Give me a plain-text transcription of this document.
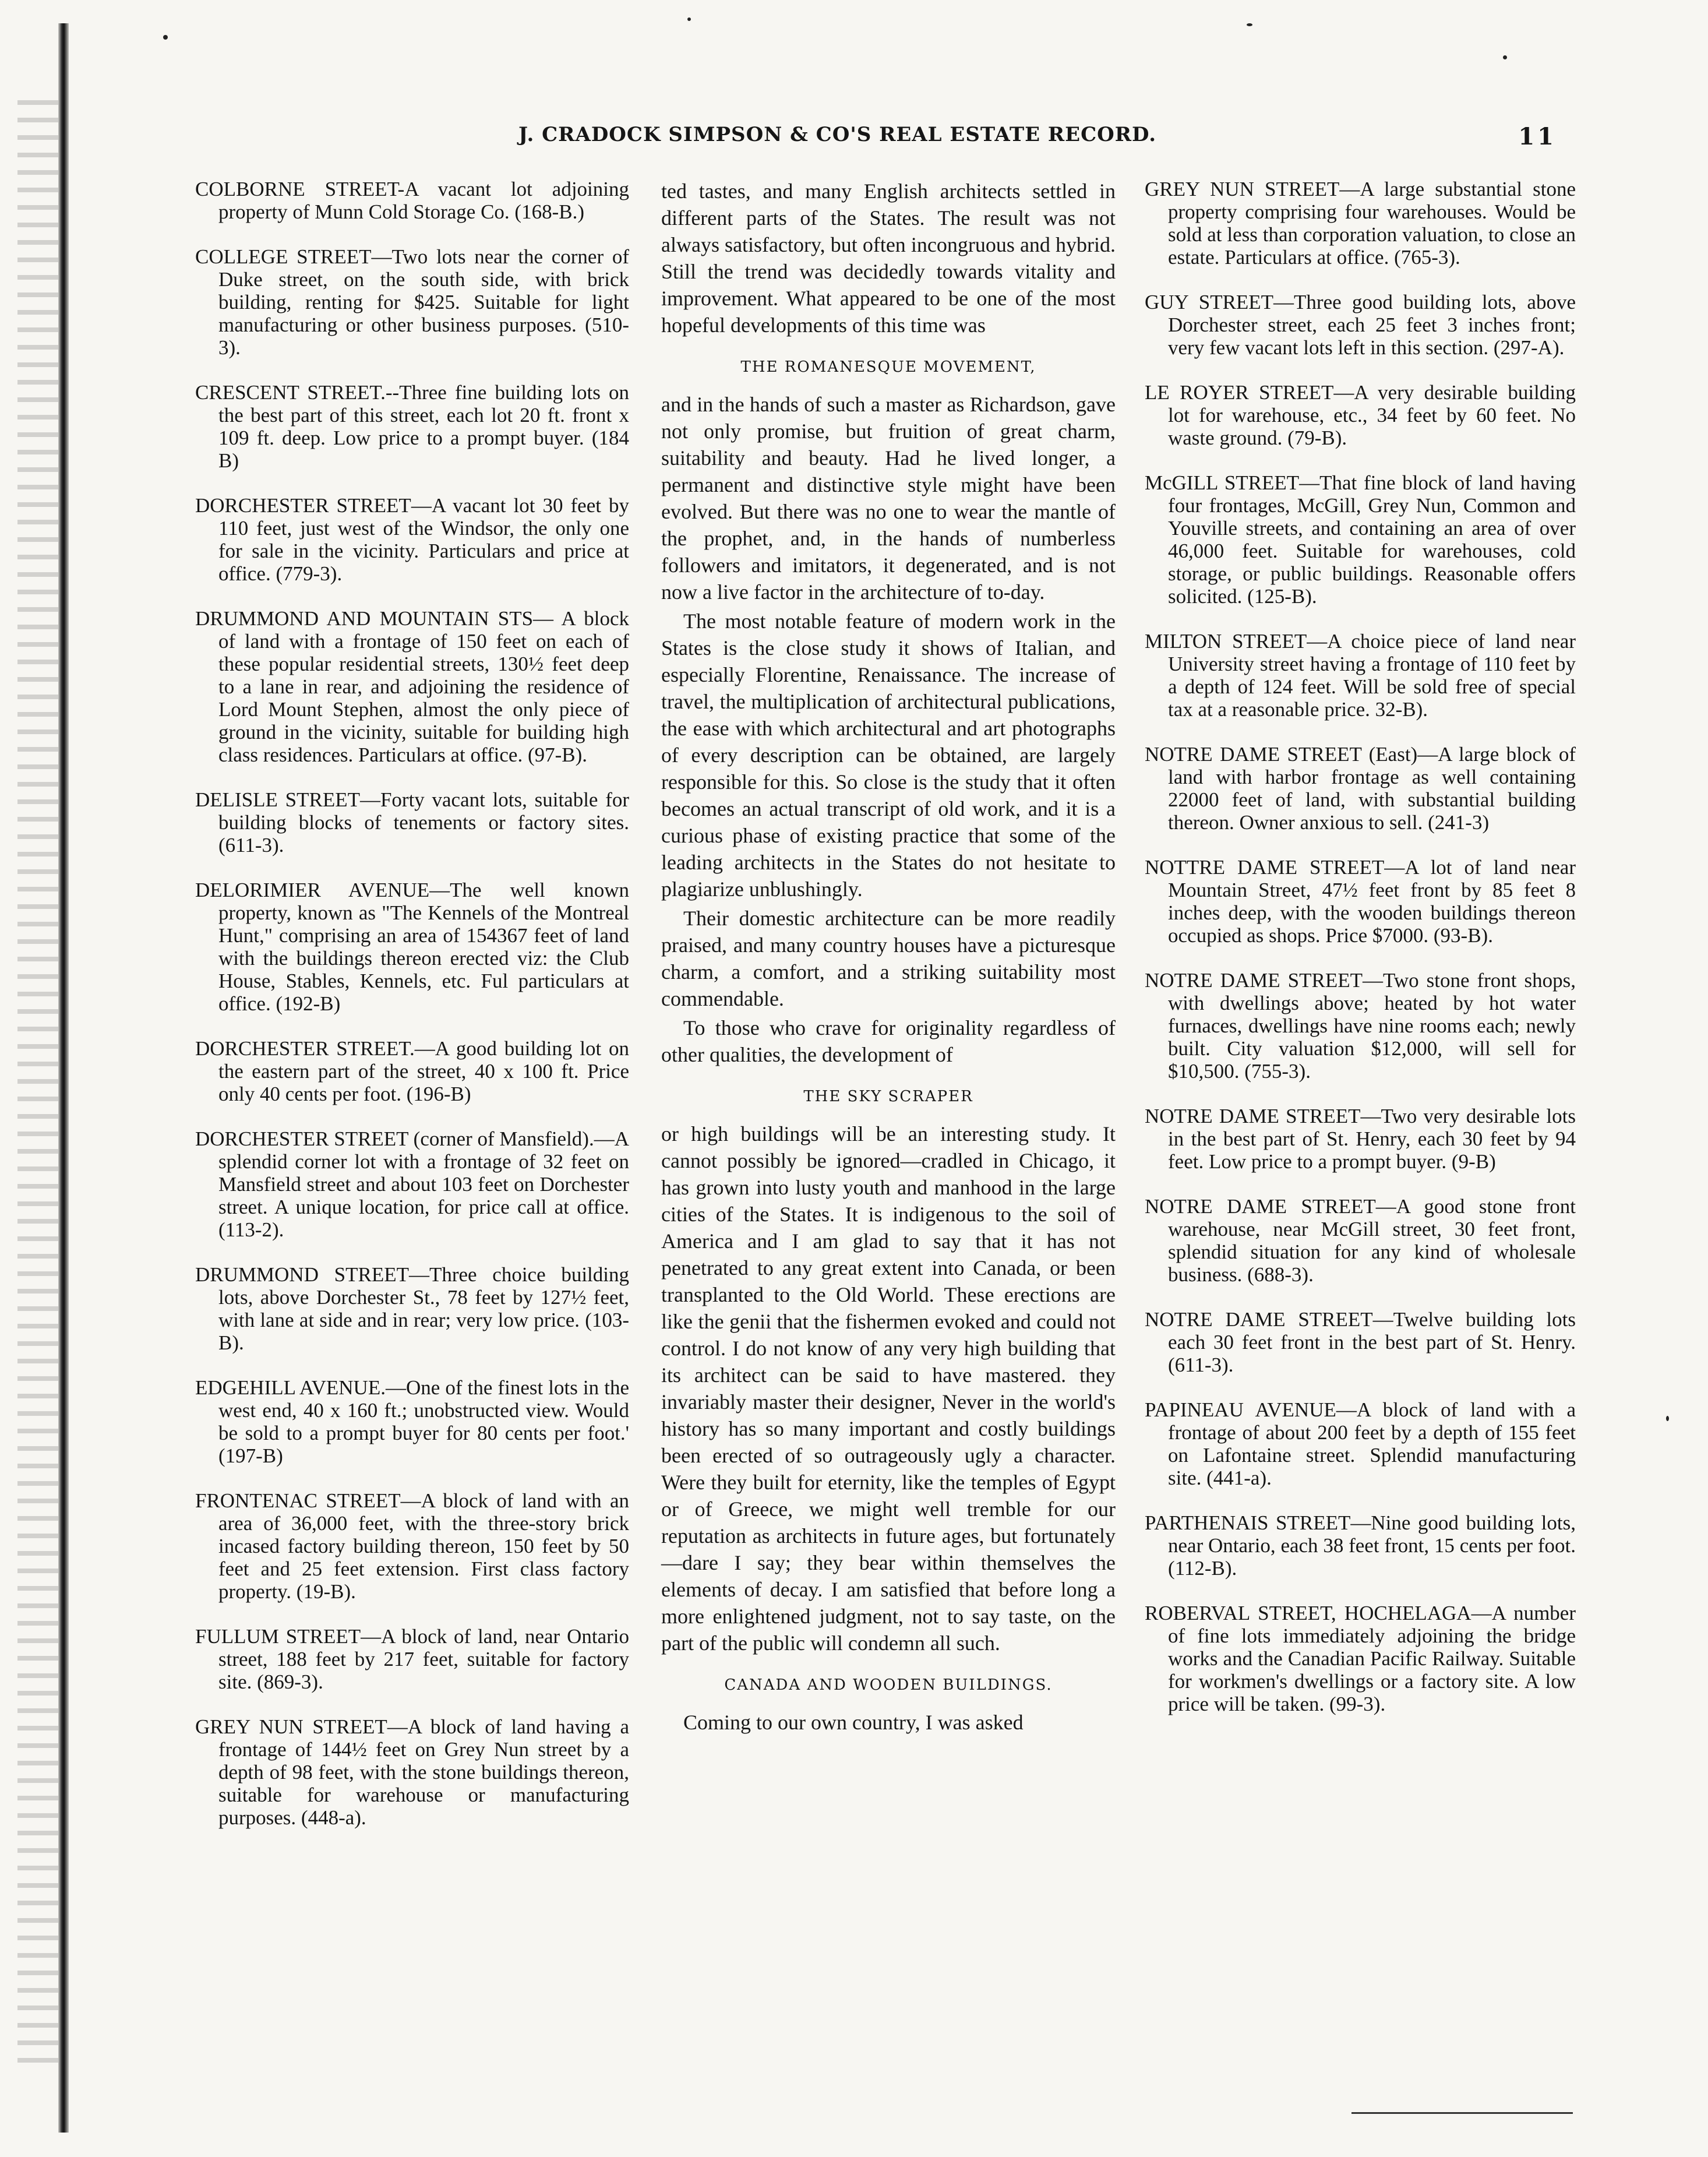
J. CRADOCK SIMPSON & CO'S REAL ESTATE RECORD.	11
COLBORNE STREET-A vacant lot adjoining property of Munn Cold Storage Co. (168-B.)
COLLEGE STREET—Two lots near the corner of Duke street, on the south side, with brick building, renting for $425. Suitable for light manufacturing or other business purposes. (510-3).
CRESCENT STREET.--Three fine building lots on the best part of this street, each lot 20 ft. front x 109 ft. deep. Low price to a prompt buyer. (184 B)
DORCHESTER STREET—A vacant lot 30 feet by 110 feet, just west of the Windsor, the only one for sale in the vicinity. Particulars and price at office. (779-3).
DRUMMOND AND MOUNTAIN STS— A block of land with a frontage of 150 feet on each of these popular residential streets, 130½ feet deep to a lane in rear, and adjoining the residence of Lord Mount Stephen, almost the only piece of ground in the vicinity, suitable for building high class residences. Particulars at office. (97-B).
DELISLE STREET—Forty vacant lots, suitable for building blocks of tenements or factory sites. (611-3).
DELORIMIER AVENUE—The well known property, known as "The Kennels of the Montreal Hunt," comprising an area of 154367 feet of land with the buildings thereon erected viz: the Club House, Stables, Kennels, etc. Ful particulars at office. (192-B)
DORCHESTER STREET.—A good building lot on the eastern part of the street, 40 x 100 ft. Price only 40 cents per foot. (196-B)
DORCHESTER STREET (corner of Mansfield).—A splendid corner lot with a frontage of 32 feet on Mansfield street and about 103 feet on Dorchester street. A unique location, for price call at office. (113-2).
DRUMMOND STREET—Three choice building lots, above Dorchester St., 78 feet by 127½ feet, with lane at side and in rear; very low price. (103-B).
EDGEHILL AVENUE.—One of the finest lots in the west end, 40 x 160 ft.; unobstructed view. Would be sold to a prompt buyer for 80 cents per foot.' (197-B)
FRONTENAC STREET—A block of land with an area of 36,000 feet, with the three-story brick incased factory building thereon, 150 feet by 50 feet and 25 feet extension. First class factory property. (19-B).
FULLUM STREET—A block of land, near Ontario street, 188 feet by 217 feet, suitable for factory site. (869-3).
GREY NUN STREET—A block of land having a frontage of 144½ feet on Grey Nun street by a depth of 98 feet, with the stone buildings thereon, suitable for warehouse or manufacturing purposes. (448-a).

ted tastes, and many English architects settled in different parts of the States. The result was not always satisfactory, but often incongruous and hybrid. Still the trend was decidedly towards vitality and improvement. What appeared to be one of the most hopeful developments of this time was

THE ROMANESQUE MOVEMENT,

and in the hands of such a master as Richardson, gave not only promise, but fruition of great charm, suitability and beauty. Had he lived longer, a permanent and distinctive style might have been evolved. But there was no one to wear the mantle of the prophet, and, in the hands of numberless followers and imitators, it degenerated, and is not now a live factor in the architecture of to-day.

The most notable feature of modern work in the States is the close study it shows of Italian, and especially Florentine, Renaissance. The increase of travel, the multiplication of architectural publications, the ease with which architectural and art photographs of every description can be obtained, are largely responsible for this. So close is the study that it often becomes an actual transcript of old work, and it is a curious phase of existing practice that some of the leading architects in the States do not hesitate to plagiarize unblushingly.

Their domestic architecture can be more readily praised, and many country houses have a picturesque charm, a comfort, and a striking suitability most commendable.

To those who crave for originality regardless of other qualities, the development of

THE SKY SCRAPER

or high buildings will be an interesting study. It cannot possibly be ignored—cradled in Chicago, it has grown into lusty youth and manhood in the large cities of the States. It is indigenous to the soil of America and I am glad to say that it has not penetrated to any great extent into Canada, or been transplanted to the Old World. These erections are like the genii that the fishermen evoked and could not control. I do not know of any very high building that its architect can be said to have mastered. they invariably master their designer, Never in the world's history has so many important and costly buildings been erected of so outrageously ugly a character. Were they built for eternity, like the temples of Egypt or of Greece, we might well tremble for our reputation as architects in future ages, but fortunately—dare I say; they bear within themselves the elements of decay. I am satisfied that before long a more enlightened judgment, not to say taste, on the part of the public will condemn all such.

CANADA AND WOODEN BUILDINGS.

Coming to our own country, I was asked

GREY NUN STREET—A large substantial stone property comprising four warehouses. Would be sold at less than corporation valuation, to close an estate. Particulars at office. (765-3).
GUY STREET—Three good building lots, above Dorchester street, each 25 feet 3 inches front; very few vacant lots left in this section. (297-A).
LE ROYER STREET—A very desirable building lot for warehouse, etc., 34 feet by 60 feet. No waste ground. (79-B).
McGILL STREET—That fine block of land having four frontages, McGill, Grey Nun, Common and Youville streets, and containing an area of over 46,000 feet. Suitable for warehouses, cold storage, or public buildings. Reasonable offers solicited. (125-B).
MILTON STREET—A choice piece of land near University street having a frontage of 110 feet by a depth of 124 feet. Will be sold free of special tax at a reasonable price. 32-B).
NOTRE DAME STREET (East)—A large block of land with harbor frontage as well containing 22000 feet of land, with substantial building thereon. Owner anxious to sell. (241-3)
NOTTRE DAME STREET—A lot of land near Mountain Street, 47½ feet front by 85 feet 8 inches deep, with the wooden buildings thereon occupied as shops. Price $7000. (93-B).
NOTRE DAME STREET—Two stone front shops, with dwellings above; heated by hot water furnaces, dwellings have nine rooms each; newly built. City valuation $12,000, will sell for $10,500. (755-3).
NOTRE DAME STREET—Two very desirable lots in the best part of St. Henry, each 30 feet by 94 feet. Low price to a prompt buyer. (9-B)
NOTRE DAME STREET—A good stone front warehouse, near McGill street, 30 feet front, splendid situation for any kind of wholesale business. (688-3).
NOTRE DAME STREET—Twelve building lots each 30 feet front in the best part of St. Henry. (611-3).
PAPINEAU AVENUE—A block of land with a frontage of about 200 feet by a depth of 155 feet on Lafontaine street. Splendid manufacturing site. (441-a).
PARTHENAIS STREET—Nine good building lots, near Ontario, each 38 feet front, 15 cents per foot. (112-B).
ROBERVAL STREET, HOCHELAGA—A number of fine lots immediately adjoining the bridge works and the Canadian Pacific Railway. Suitable for workmen's dwellings or a factory site. A low price will be taken. (99-3).
